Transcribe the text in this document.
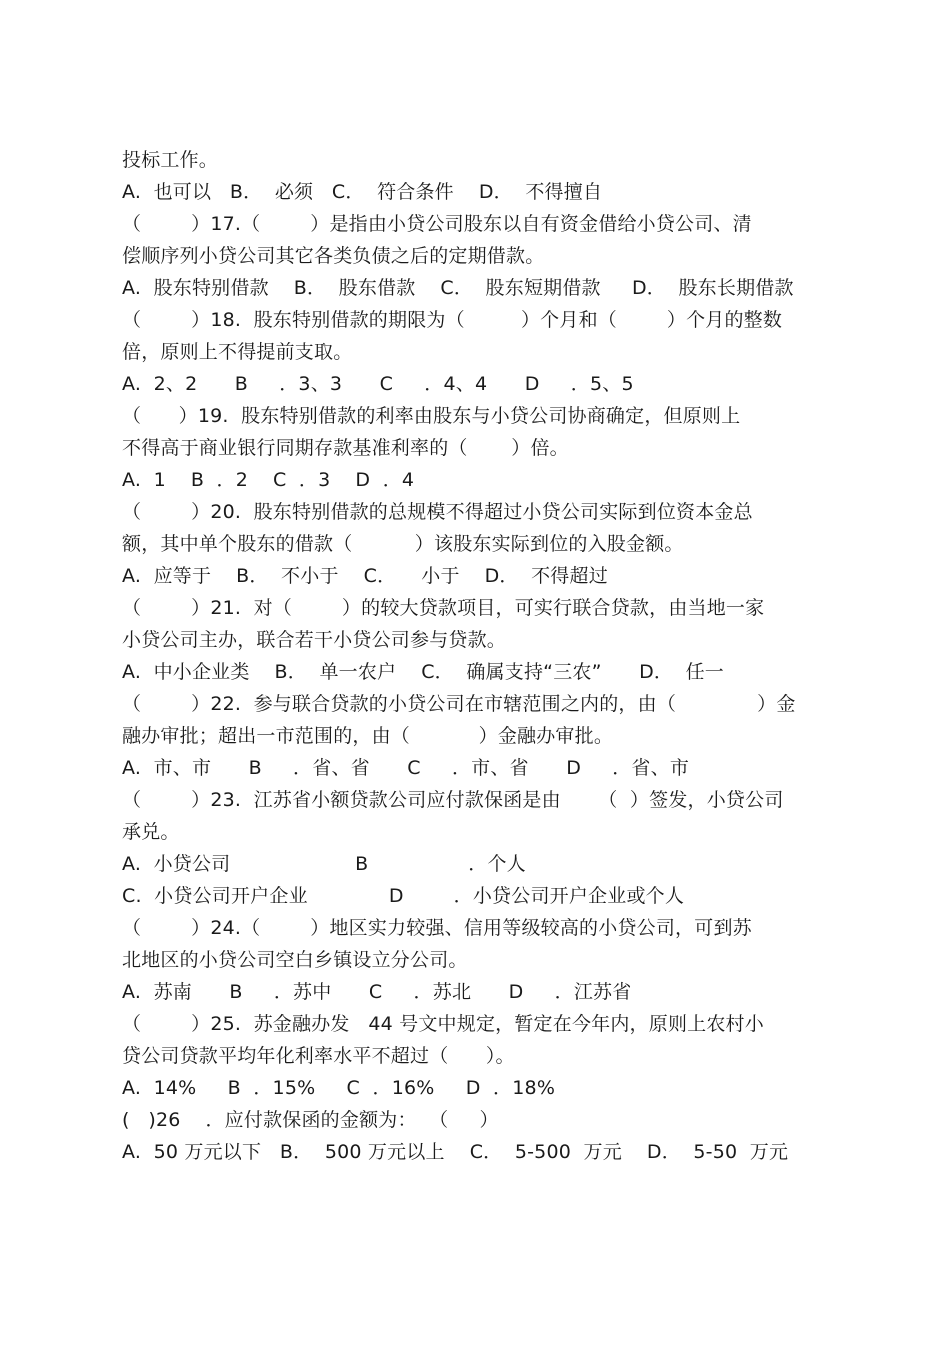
投标工作。
A.  也可以   B．  必须   C．  符合条件    D．  不得擅自
（        ）17.（        ）是指由小贷公司股东以自有资金借给小贷公司、清
偿顺序列小贷公司其它各类负债之后的定期借款。
A.  股东特别借款    B．  股东借款    C．  股东短期借款     D．  股东长期借款
（        ）18.  股东特别借款的期限为（         ）个月和（        ）个月的整数
倍，原则上不得提前支取。
A.  2、2      B     ．3、3      C     ．4、4      D     ．5、5
（      ）19.  股东特别借款的利率由股东与小贷公司协商确定，但原则上
不得高于商业银行同期存款基准利率的（       ）倍。
A.  1    B  ．2    C  ．3    D  ．4
（        ）20.  股东特别借款的总规模不得超过小贷公司实际到位资本金总
额，其中单个股东的借款（          ）该股东实际到位的入股金额。
A.  应等于    B．  不小于    C．    小于    D．  不得超过
（        ）21.  对（        ）的较大贷款项目，可实行联合贷款，由当地一家
小贷公司主办，联合若干小贷公司参与贷款。
A.  中小企业类    B．  单一农户    C．  确属支持“三农”      D．  任一
（        ）22.  参与联合贷款的小贷公司在市辖范围之内的，由（             ）金
融办审批；超出一市范围的，由（           ）金融办审批。
A.  市、市      B     ．省、省      C     ．市、省      D     ．省、市
（        ）23.  江苏省小额贷款公司应付款保函是由      （  ）签发，小贷公司
承兑。
A.  小贷公司                    B                ．个人
C.  小贷公司开户企业             D        ．小贷公司开户企业或个人
（        ）24.（        ）地区实力较强、信用等级较高的小贷公司，可到苏
北地区的小贷公司空白乡镇设立分公司。
A.  苏南      B     ．苏中      C     ．苏北      D     ．江苏省
（        ）25.  苏金融办发   44 号文中规定，暂定在今年内，原则上农村小
贷公司贷款平均年化利率水平不超过（      ）。
A.  14%     B  ．15%     C  ．16%     D  ．18%
(   )26    ．应付款保函的金额为：  （     ）
A.  50 万元以下   B．  500 万元以上    C．  5-500  万元    D．  5-50  万元
